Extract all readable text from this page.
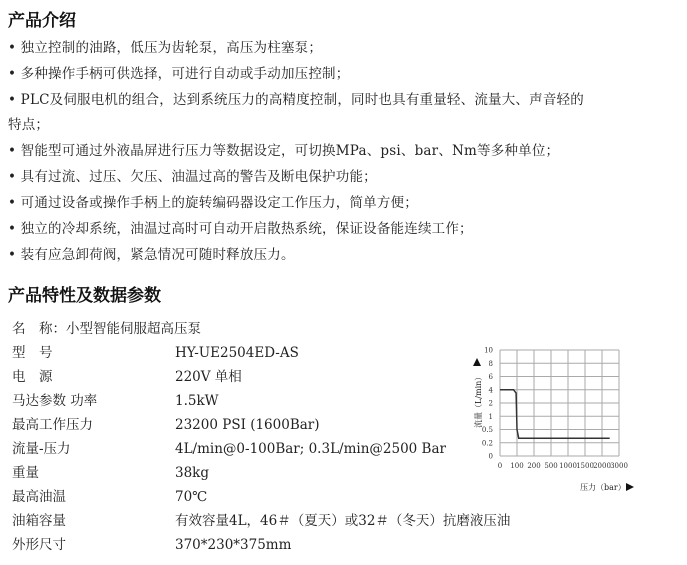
产品介绍
• 独立控制的油路，低压为齿轮泵，高压为柱塞泵；
• 多种操作手柄可供选择，可进行自动或手动加压控制；
• PLC及伺服电机的组合，达到系统压力的高精度控制，同时也具有重量轻、流量大、声音轻的
特点；
• 智能型可通过外液晶屏进行压力等数据设定，可切换MPa、psi、bar、Nm等多种单位；
• 具有过流、过压、欠压、油温过高的警告及断电保护功能；
• 可通过设备或操作手柄上的旋转编码器设定工作压力，简单方便；
• 独立的冷却系统，油温过高时可自动开启散热系统，保证设备能连续工作；
• 装有应急卸荷阀，紧急情况可随时释放压力。
产品特性及数据参数
名　称：小型智能伺服超高压泵
型　号	HY-UE2504ED-AS
电　源	220V 单相
马达参数 功率	1.5kW
最高工作压力	23200 PSI (1600Bar)
流量-压力	4L/min@0-100Bar; 0.3L/min@2500 Bar
重量	38kg
最高油温	70℃
油箱容量	有效容量4L，46＃（夏天）或32＃（冬天）抗磨液压油
外形尺寸	370*230*375mm
0 100 200 500 1000 1500 2000 3000
0
0.2
0.5
1
2
4
6
8
10
流量（L/min）
压力（bar）
